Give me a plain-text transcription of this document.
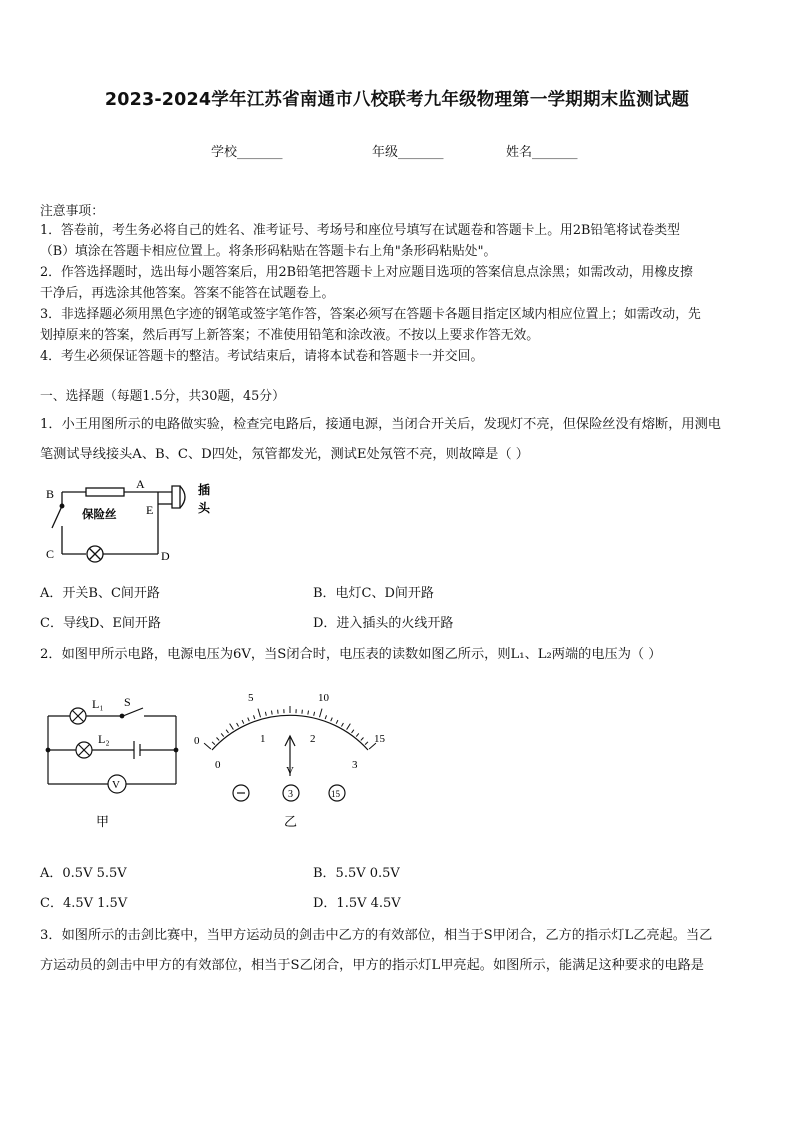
2023-2024学年江苏省南通市八校联考九年级物理第一学期期末监测试题
学校_______	年级_______	姓名_______
注意事项：
1．答卷前，考生务必将自己的姓名、准考证号、考场号和座位号填写在试题卷和答题卡上。用2B铅笔将试卷类型
（B）填涂在答题卡相应位置上。将条形码粘贴在答题卡右上角"条形码粘贴处"。
2．作答选择题时，选出每小题答案后，用2B铅笔把答题卡上对应题目选项的答案信息点涂黑；如需改动，用橡皮擦
干净后，再选涂其他答案。答案不能答在试题卷上。
3．非选择题必须用黑色字迹的钢笔或签字笔作答，答案必须写在答题卡各题目指定区域内相应位置上；如需改动，先
划掉原来的答案，然后再写上新答案；不准使用铅笔和涂改液。不按以上要求作答无效。
4．考生必须保证答题卡的整洁。考试结束后，请将本试卷和答题卡一并交回。
一、选择题（每题1.5分，共30题，45分）
1．小王用图所示的电路做实验，检查完电路后，接通电源，当闭合开关后，发现灯不亮，但保险丝没有熔断，用测电
笔测试导线接头A、B、C、D四处，氖管都发光，测试E处氖管不亮，则故障是（ ）
B
A
E
C	D
保险丝
插
头
A．开关B、C间开路	B．电灯C、D间开路
C．导线D、E间开路	D．进入插头的火线开路
2．如图甲所示电路，电源电压为6V，当S闭合时，电压表的读数如图乙所示，则L₁、L₂两端的电压为（ ）
L₁ S
L₂
V
甲	乙
0
5	10
15
0
1	2
3
V
3	15
A．0.5V 5.5V	B．5.5V 0.5V
C．4.5V 1.5V	D．1.5V 4.5V
3．如图所示的击剑比赛中，当甲方运动员的剑击中乙方的有效部位，相当于S甲闭合，乙方的指示灯L乙亮起。当乙
方运动员的剑击中甲方的有效部位，相当于S乙闭合，甲方的指示灯L甲亮起。如图所示，能满足这种要求的电路是
